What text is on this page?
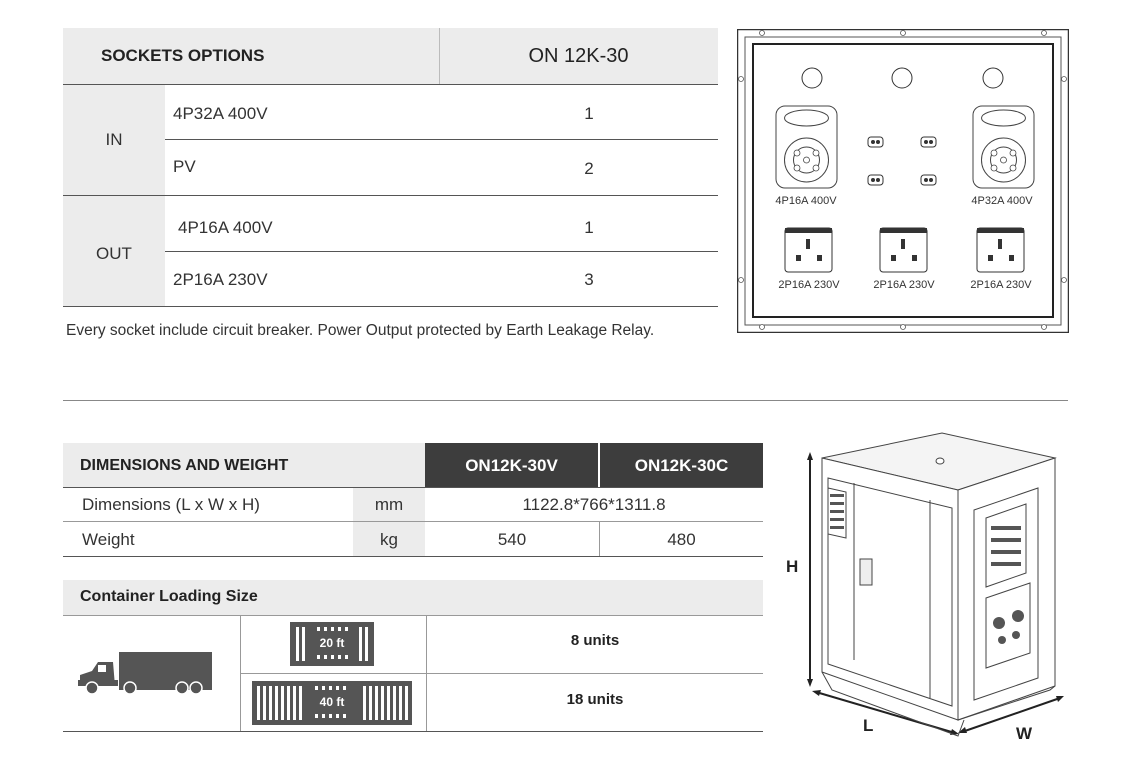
SOCKETS OPTIONS	ON 12K-30
IN
4P32A 400V	1
PV	2
OUT
4P16A 400V	1
2P16A 230V	3
Every socket include circuit breaker. Power Output protected by Earth Leakage Relay.
4P16A 400V	4P32A 400V
2P16A 230V	2P16A 230V	2P16A 230V
DIMENSIONS AND WEIGHT	ON12K-30V	ON12K-30C
Dimensions (L x W x H)	mm	1122.8*766*1311.8
Weight	kg	540	480
Container Loading Size
20 ft	8 units
40 ft	18 units
H
L	W
